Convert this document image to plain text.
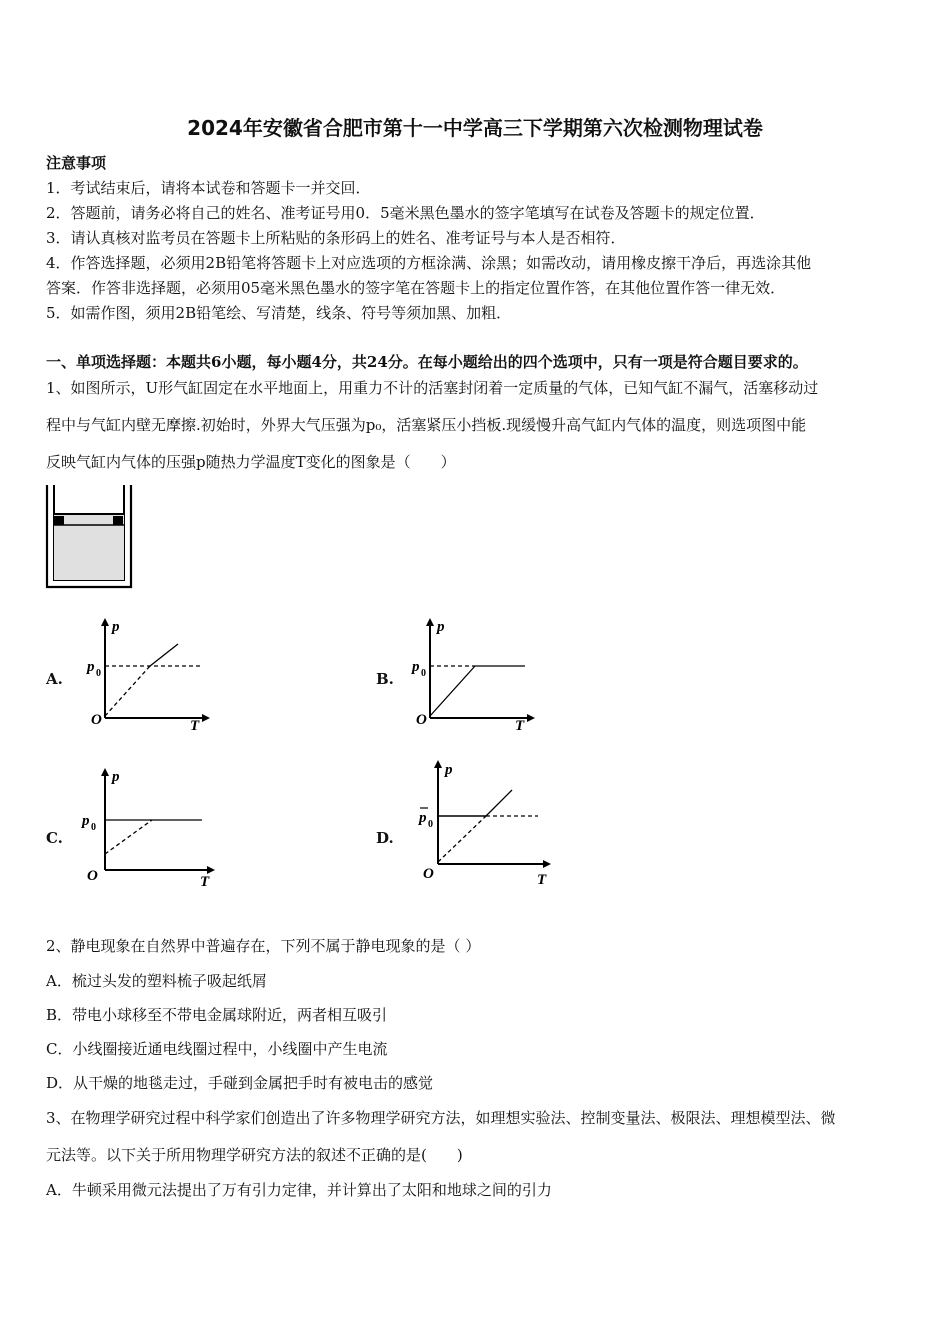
2024年安徽省合肥市第十一中学高三下学期第六次检测物理试卷
注意事项
1．考试结束后，请将本试卷和答题卡一并交回．
2．答题前，请务必将自己的姓名、准考证号用0．5毫米黑色墨水的签字笔填写在试卷及答题卡的规定位置．
3．请认真核对监考员在答题卡上所粘贴的条形码上的姓名、准考证号与本人是否相符．
4．作答选择题，必须用2B铅笔将答题卡上对应选项的方框涂满、涂黑；如需改动，请用橡皮擦干净后，再选涂其他
答案．作答非选择题，必须用05毫米黑色墨水的签字笔在答题卡上的指定位置作答，在其他位置作答一律无效．
5．如需作图，须用2B铅笔绘、写清楚，线条、符号等须加黑、加粗．
一、单项选择题：本题共6小题，每小题4分，共24分。在每小题给出的四个选项中，只有一项是符合题目要求的。
1、如图所示，U形气缸固定在水平地面上，用重力不计的活塞封闭着一定质量的气体，已知气缸不漏气，活塞移动过
程中与气缸内壁无摩擦.初始时，外界大气压强为p₀，活塞紧压小挡板.现缓慢升高气缸内气体的温度，则选项图中能
反映气缸内气体的压强p随热力学温度T变化的图象是（　　）
A.
p
T
O
p 0	B.
p
T
O
p 0
C.
p
T
O
p 0
D.
p
T
O
p 0
2、静电现象在自然界中普遍存在，下列不属于静电现象的是（ ）
A．梳过头发的塑料梳子吸起纸屑
B．带电小球移至不带电金属球附近，两者相互吸引
C．小线圈接近通电线圈过程中，小线圈中产生电流
D．从干燥的地毯走过，手碰到金属把手时有被电击的感觉
3、在物理学研究过程中科学家们创造出了许多物理学研究方法，如理想实验法、控制变量法、极限法、理想模型法、微
元法等。以下关于所用物理学研究方法的叙述不正确的是(　　)
A．牛顿采用微元法提出了万有引力定律，并计算出了太阳和地球之间的引力
